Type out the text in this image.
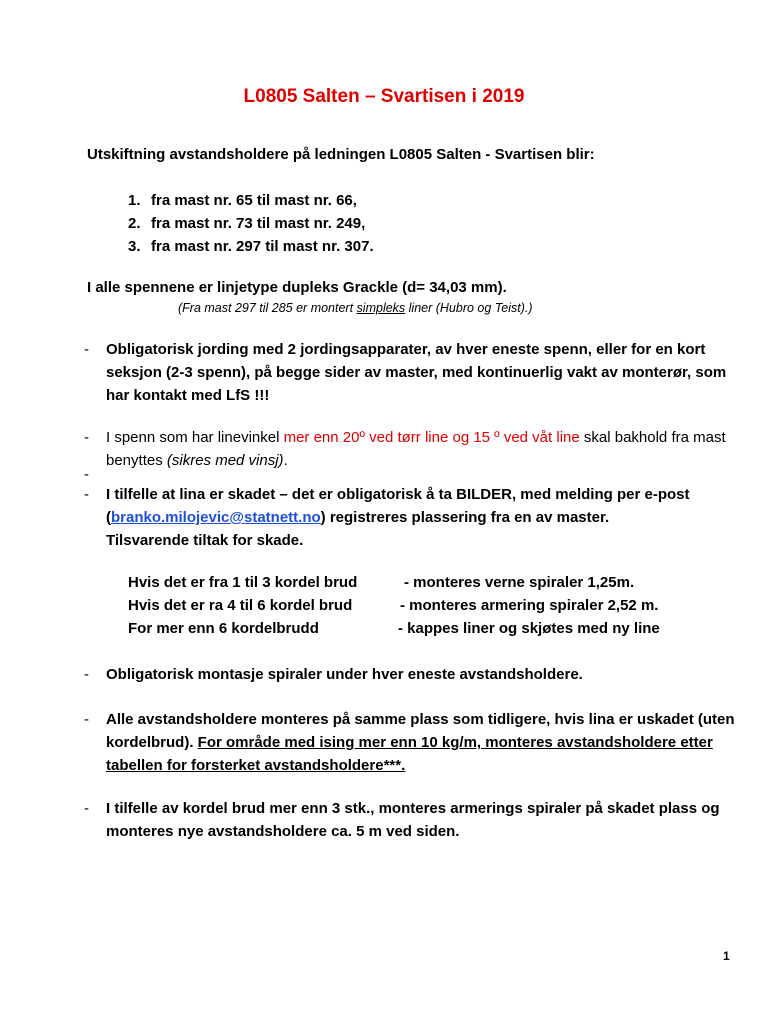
L0805 Salten – Svartisen i 2019
Utskiftning avstandsholdere på ledningen L0805 Salten - Svartisen blir:
1. fra mast nr. 65 til mast nr. 66,
2. fra mast nr. 73 til mast nr. 249,
3. fra mast nr. 297 til mast nr. 307.
I alle spennene er linjetype dupleks Grackle (d= 34,03 mm).
(Fra mast 297 til 285 er montert simpleks liner (Hubro og Teist).)
- Obligatorisk jording med 2 jordingsapparater, av hver eneste spenn, eller for en kort seksjon (2-3 spenn), på begge sider av master, med kontinuerlig vakt av monterør, som har kontakt med LfS !!!
- I spenn som har linevinkel mer enn 20º ved tørr line og 15 º ved våt line skal bakhold fra mast benyttes (sikres med vinsj).
-
- I tilfelle at lina er skadet – det er obligatorisk å ta BILDER, med melding per e-post (branko.milojevic@statnett.no) registreres plassering fra en av master.
Tilsvarende tiltak for skade.
Hvis det er fra 1 til 3 kordel brud	- monteres verne spiraler 1,25m.
Hvis det er ra 4 til 6 kordel brud	- monteres armering spiraler 2,52 m.
For mer enn 6 kordelbrudd	- kappes liner og skjøtes med ny line
- Obligatorisk montasje spiraler under hver eneste avstandsholdere.
- Alle avstandsholdere monteres på samme plass som tidligere, hvis lina er uskadet (uten kordelbrud). For område med ising mer enn 10 kg/m, monteres avstandsholdere etter tabellen for forsterket avstandsholdere***.
- I tilfelle av kordel brud mer enn 3 stk., monteres armerings spiraler på skadet plass og monteres nye avstandsholdere ca. 5 m ved siden.
1
